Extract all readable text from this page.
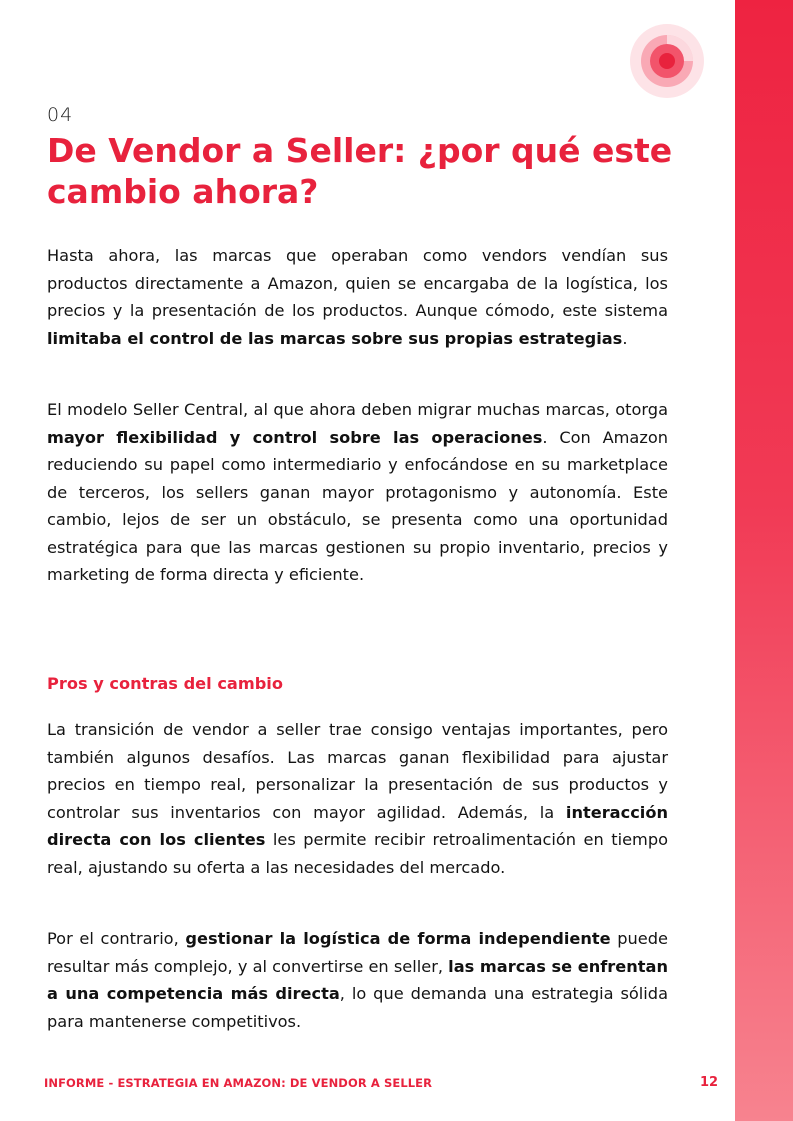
04
De Vendor a Seller: ¿por qué este cambio ahora?

Hasta ahora, las marcas que operaban como vendors vendían sus productos directamente a Amazon, quien se encargaba de la logística, los precios y la presentación de los productos. Aunque cómodo, este sistema limitaba el control de las marcas sobre sus propias estrategias.

El modelo Seller Central, al que ahora deben migrar muchas marcas, otorga mayor flexibilidad y control sobre las operaciones. Con Amazon reduciendo su papel como intermediario y enfocándose en su marketplace de terceros, los sellers ganan mayor protagonismo y autonomía. Este cambio, lejos de ser un obstáculo, se presenta como una oportunidad estratégica para que las marcas gestionen su propio inventario, precios y marketing de forma directa y eficiente.

Pros y contras del cambio

La transición de vendor a seller trae consigo ventajas importantes, pero también algunos desafíos. Las marcas ganan flexibilidad para ajustar precios en tiempo real, personalizar la presentación de sus productos y controlar sus inventarios con mayor agilidad. Además, la interacción directa con los clientes les permite recibir retroalimentación en tiempo real, ajustando su oferta a las necesidades del mercado.

Por el contrario, gestionar la logística de forma independiente puede resultar más complejo, y al convertirse en seller, las marcas se enfrentan a una competencia más directa, lo que demanda una estrategia sólida para mantenerse competitivos.

INFORME - ESTRATEGIA EN AMAZON: DE VENDOR A SELLER	12
